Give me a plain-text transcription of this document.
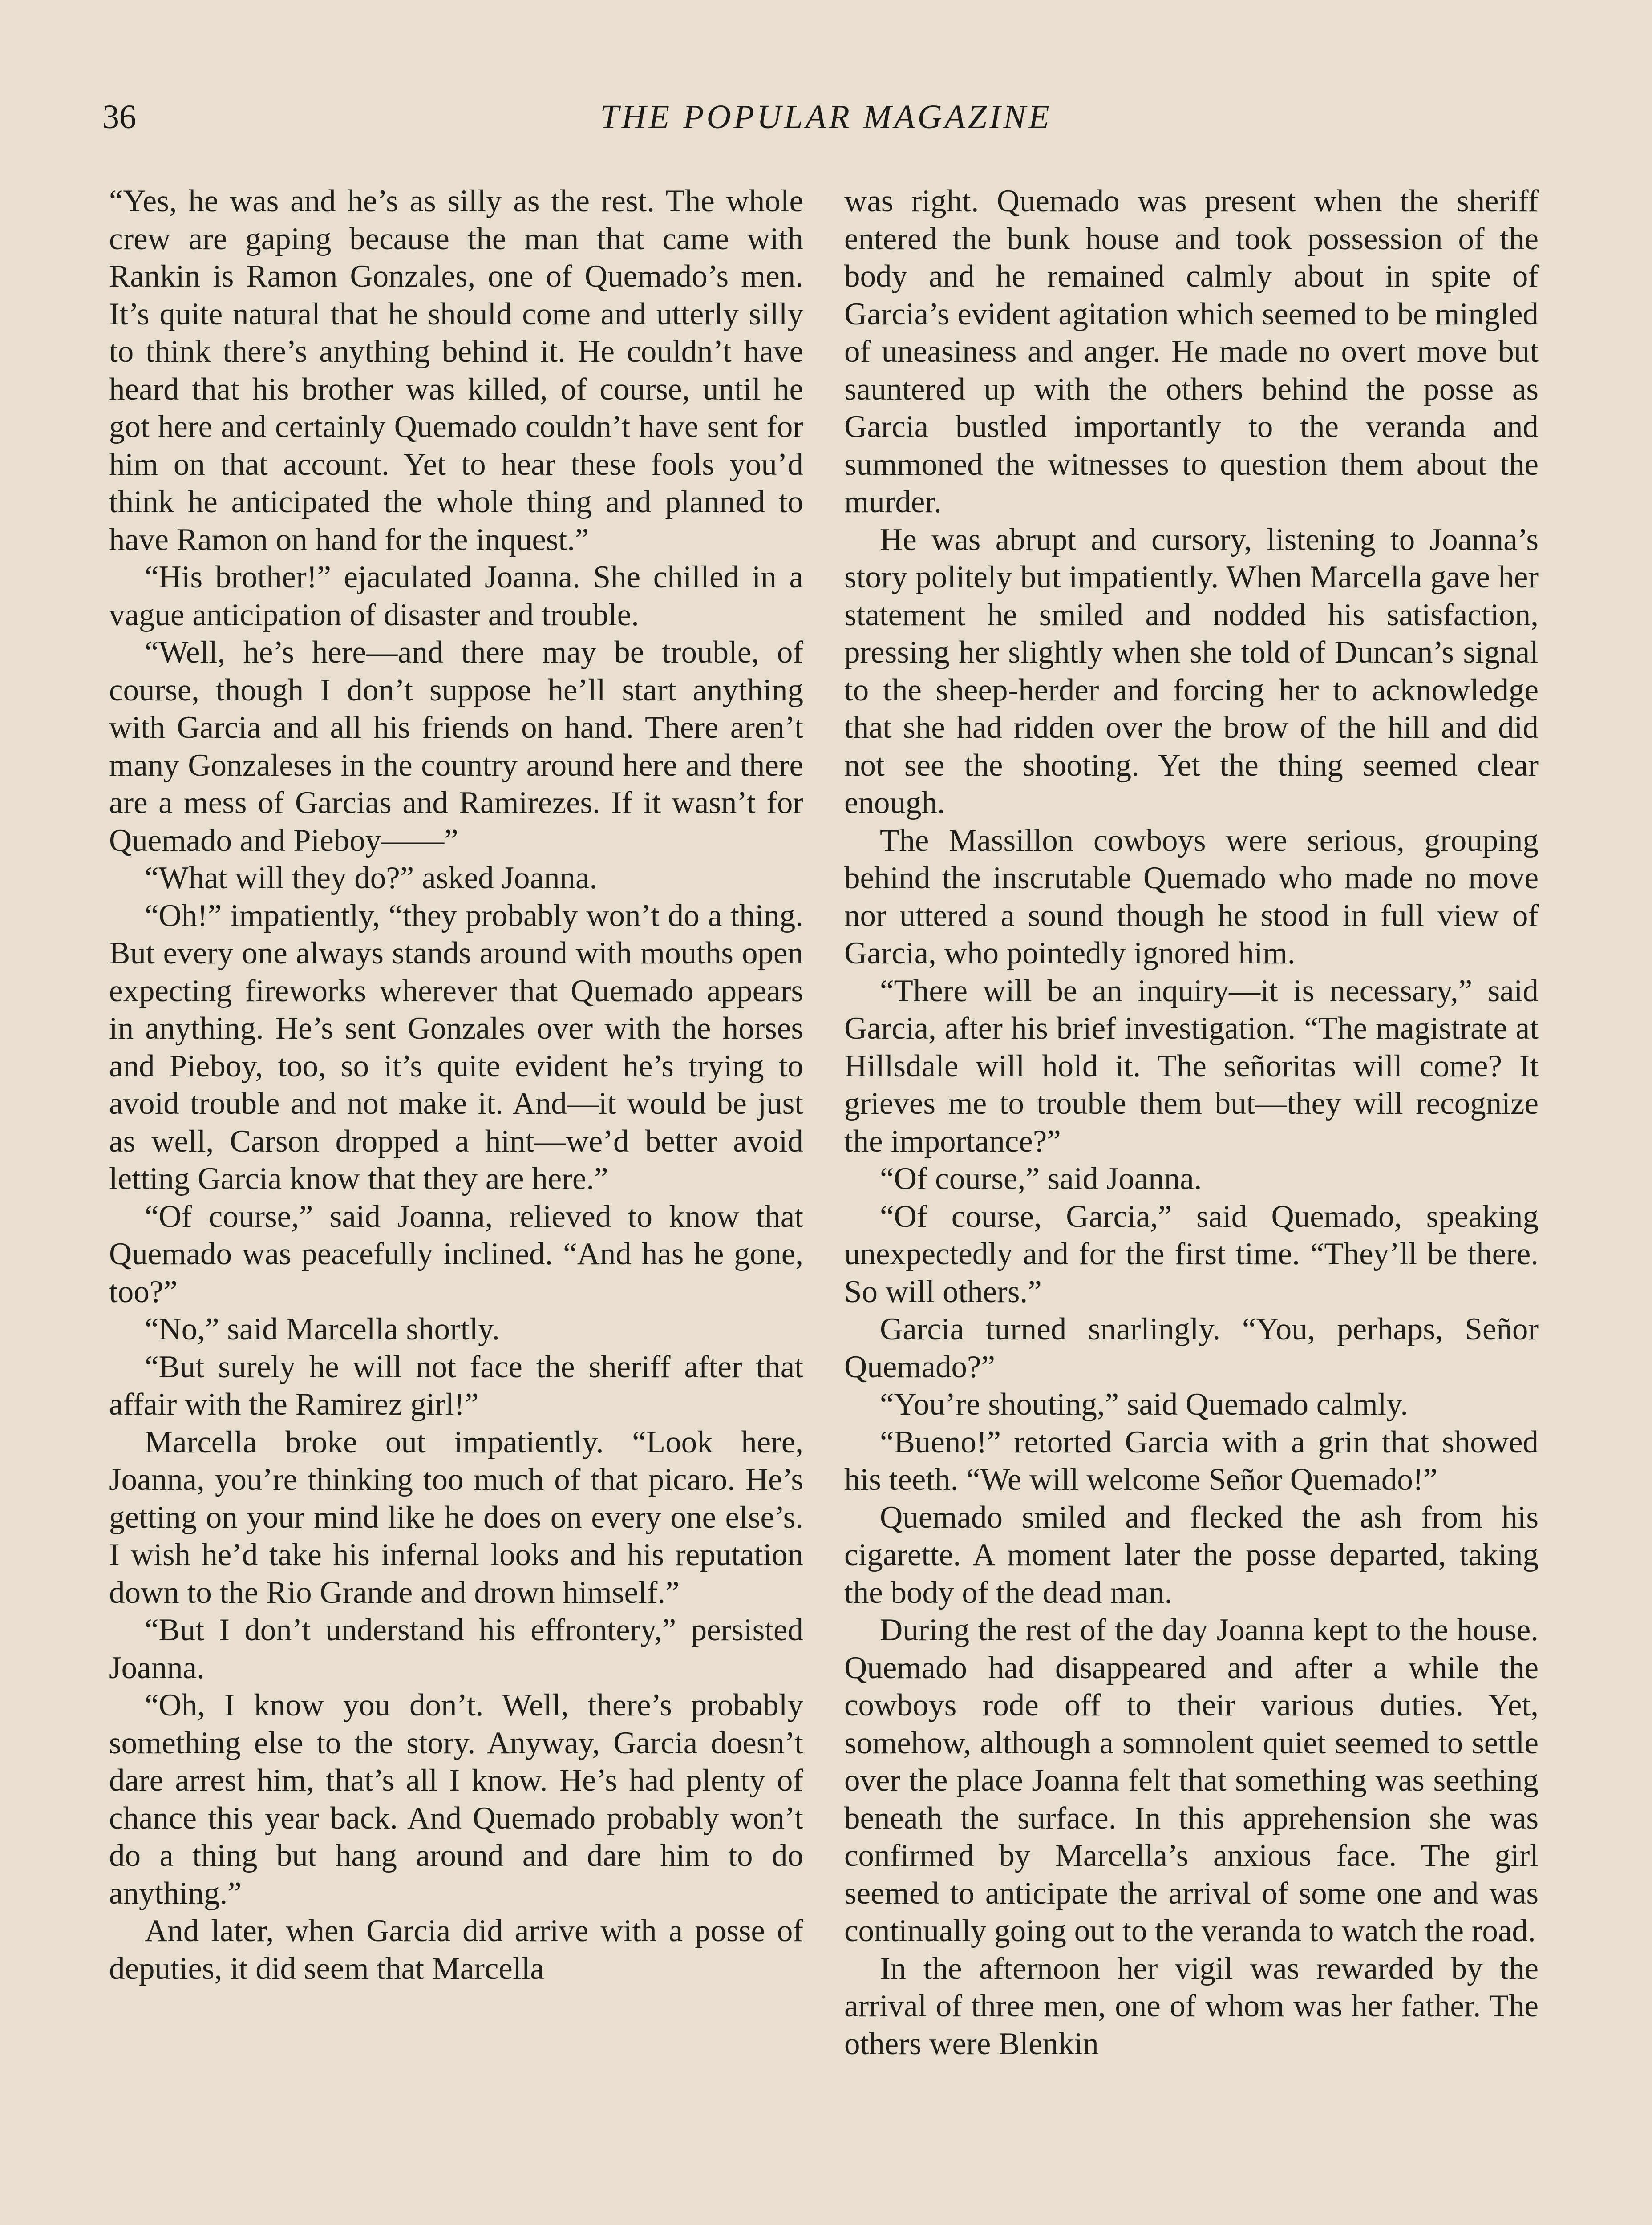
36	THE POPULAR MAGAZINE

“Yes, he was and he’s as silly as the rest. The whole crew are gaping because the man that came with Rankin is Ramon Gonzales, one of Quemado’s men. It’s quite natural that he should come and utterly silly to think there’s anything behind it. He couldn’t have heard that his brother was killed, of course, until he got here and certainly Quemado couldn’t have sent for him on that account. Yet to hear these fools you’d think he anticipated the whole thing and planned to have Ramon on hand for the inquest.”

“His brother!” ejaculated Joanna. She chilled in a vague anticipation of disaster and trouble.

“Well, he’s here—and there may be trouble, of course, though I don’t suppose he’ll start anything with Garcia and all his friends on hand. There aren’t many Gonzaleses in the country around here and there are a mess of Garcias and Ramirezes. If it wasn’t for Quemado and Pieboy——”

“What will they do?” asked Joanna.

“Oh!” impatiently, “they probably won’t do a thing. But every one always stands around with mouths open expecting fireworks wherever that Quemado appears in anything. He’s sent Gonzales over with the horses and Pieboy, too, so it’s quite evident he’s trying to avoid trouble and not make it. And—it would be just as well, Carson dropped a hint—we’d better avoid letting Garcia know that they are here.”

“Of course,” said Joanna, relieved to know that Quemado was peacefully inclined. “And has he gone, too?”

“No,” said Marcella shortly.

“But surely he will not face the sheriff after that affair with the Ramirez girl!”

Marcella broke out impatiently. “Look here, Joanna, you’re thinking too much of that picaro. He’s getting on your mind like he does on every one else’s. I wish he’d take his infernal looks and his reputation down to the Rio Grande and drown himself.”

“But I don’t understand his effrontery,” persisted Joanna.

“Oh, I know you don’t. Well, there’s probably something else to the story. Anyway, Garcia doesn’t dare arrest him, that’s all I know. He’s had plenty of chance this year back. And Quemado probably won’t do a thing but hang around and dare him to do anything.”

And later, when Garcia did arrive with a posse of deputies, it did seem that Marcella

was right. Quemado was present when the sheriff entered the bunk house and took possession of the body and he remained calmly about in spite of Garcia’s evident agitation which seemed to be mingled of uneasiness and anger. He made no overt move but sauntered up with the others behind the posse as Garcia bustled importantly to the veranda and summoned the witnesses to question them about the murder.

He was abrupt and cursory, listening to Joanna’s story politely but impatiently. When Marcella gave her statement he smiled and nodded his satisfaction, pressing her slightly when she told of Duncan’s signal to the sheep-herder and forcing her to acknowledge that she had ridden over the brow of the hill and did not see the shooting. Yet the thing seemed clear enough.

The Massillon cowboys were serious, grouping behind the inscrutable Quemado who made no move nor uttered a sound though he stood in full view of Garcia, who pointedly ignored him.

“There will be an inquiry—it is necessary,” said Garcia, after his brief investigation. “The magistrate at Hillsdale will hold it. The señoritas will come? It grieves me to trouble them but—they will recognize the importance?”

“Of course,” said Joanna.

“Of course, Garcia,” said Quemado, speaking unexpectedly and for the first time. “They’ll be there. So will others.”

Garcia turned snarlingly. “You, perhaps, Señor Quemado?”

“You’re shouting,” said Quemado calmly.

“Bueno!” retorted Garcia with a grin that showed his teeth. “We will welcome Señor Quemado!”

Quemado smiled and flecked the ash from his cigarette. A moment later the posse departed, taking the body of the dead man.

During the rest of the day Joanna kept to the house. Quemado had disappeared and after a while the cowboys rode off to their various duties. Yet, somehow, although a somnolent quiet seemed to settle over the place Joanna felt that something was seething beneath the surface. In this apprehension she was confirmed by Marcella’s anxious face. The girl seemed to anticipate the arrival of some one and was continually going out to the veranda to watch the road.

In the afternoon her vigil was rewarded by the arrival of three men, one of whom was her father. The others were Blenkin
